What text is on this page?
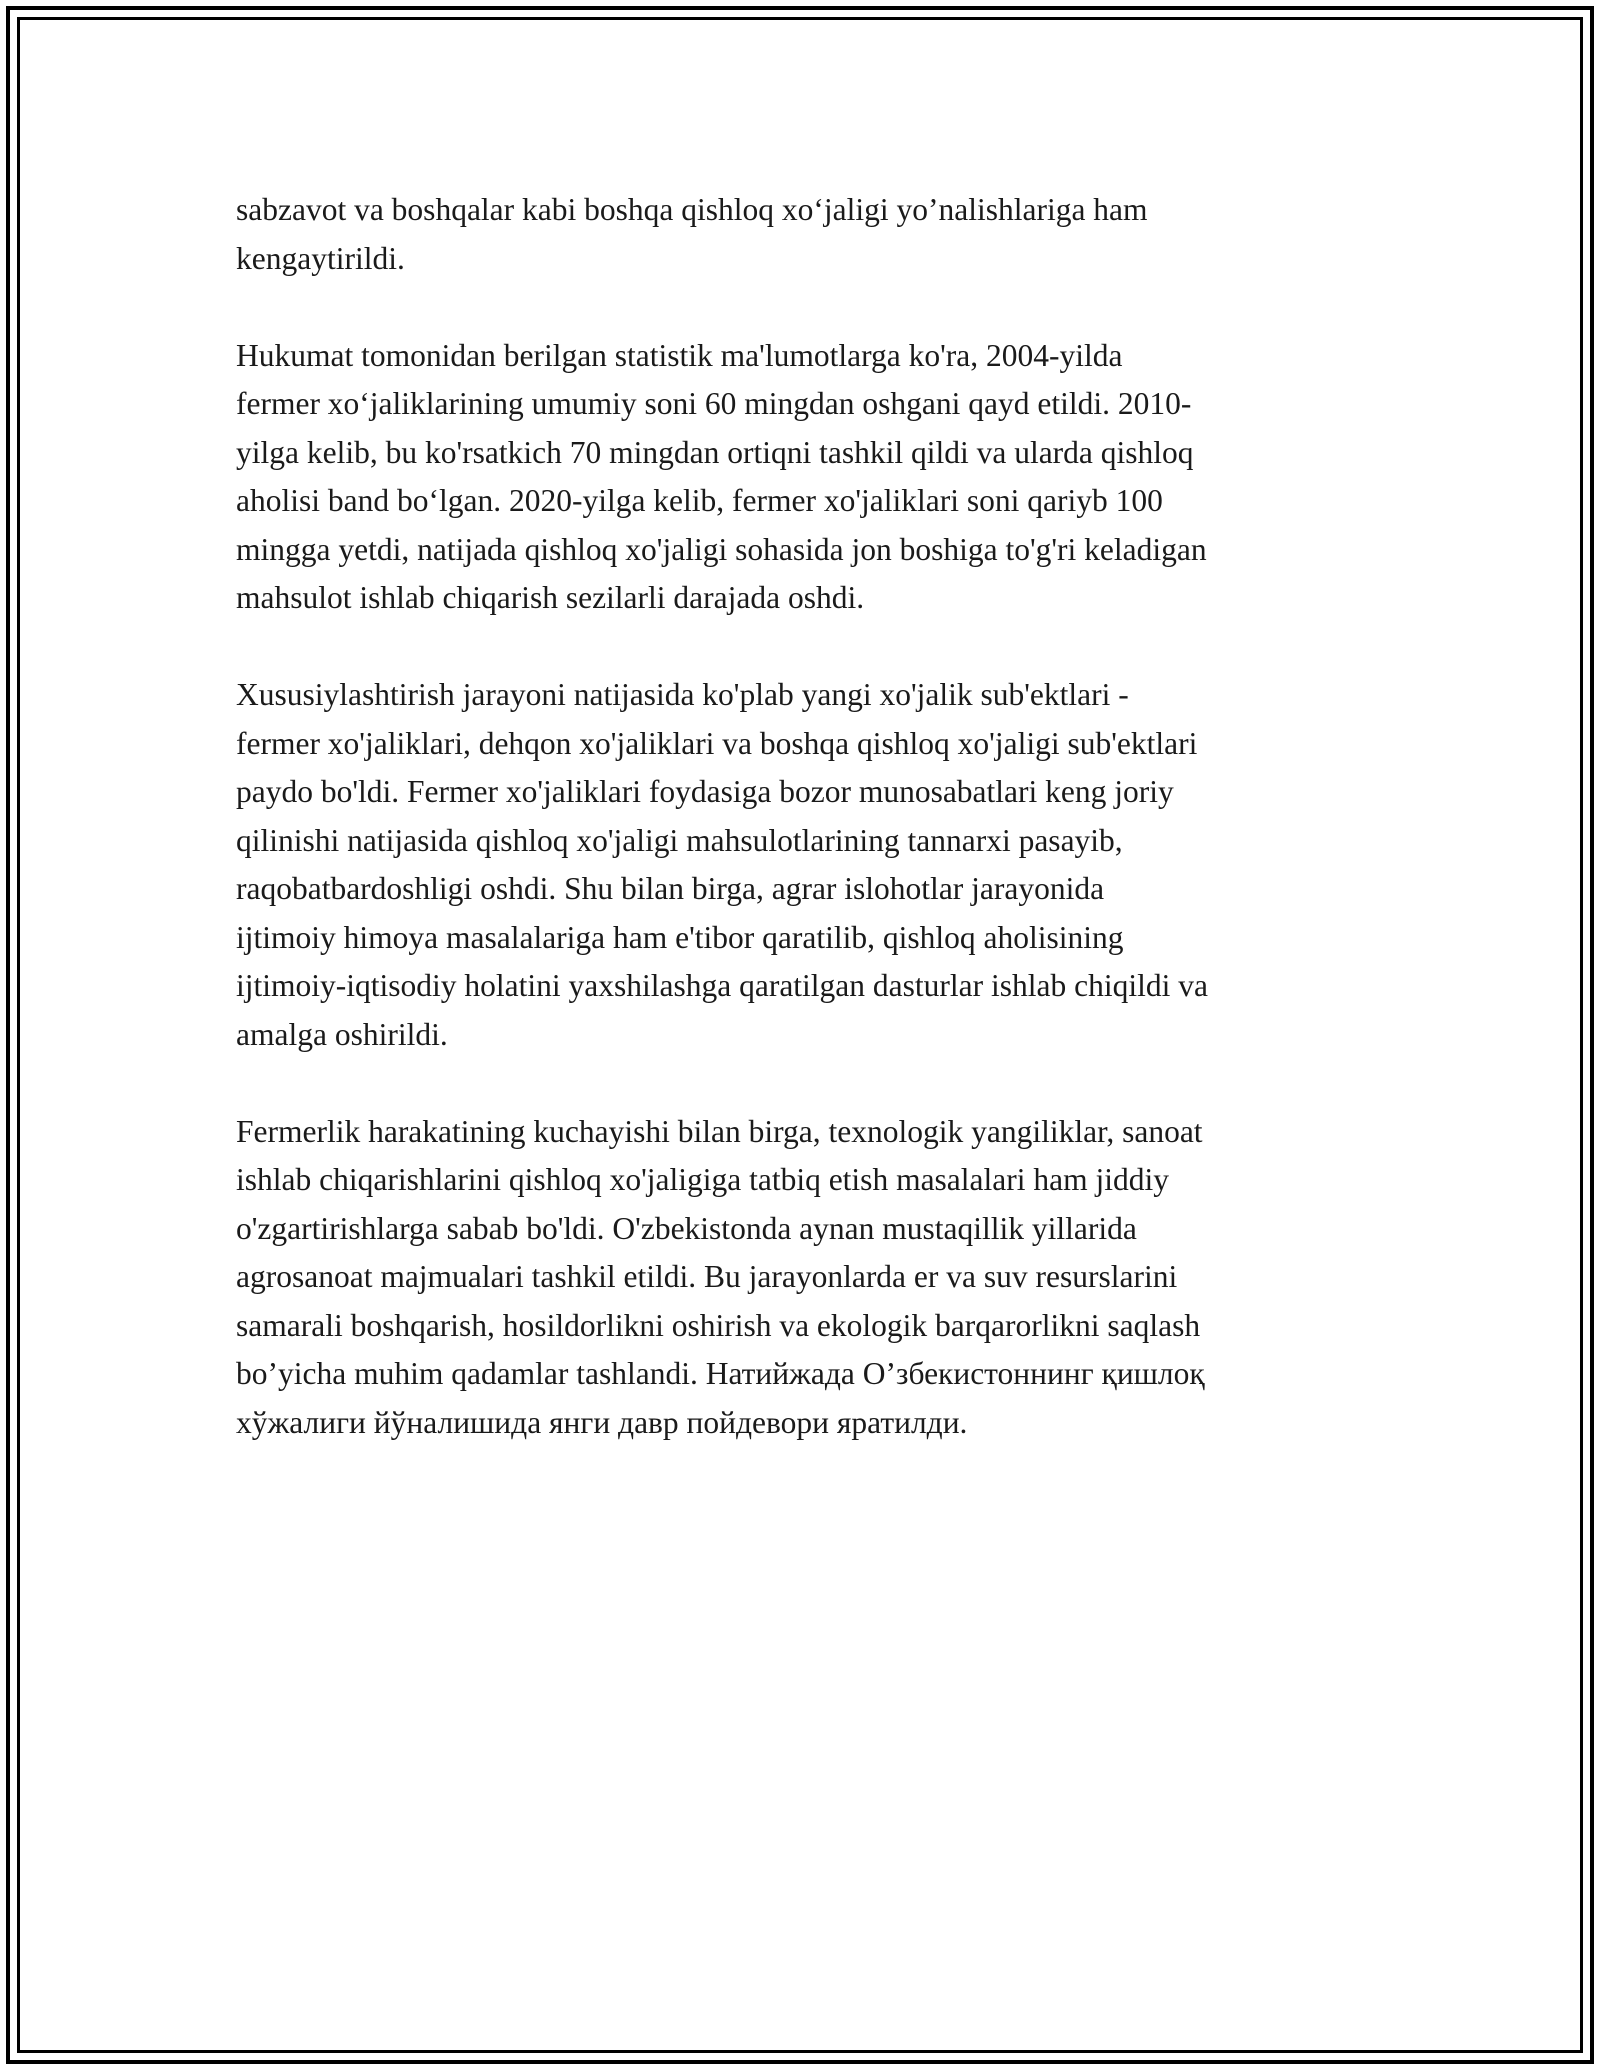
sabzavot va boshqalar kabi boshqa qishloq xoʻjaligi yoʼnalishlariga ham
kengaytirildi.

Hukumat tomonidan berilgan statistik ma'lumotlarga ko'ra, 2004-yilda
fermer xoʻjaliklarining umumiy soni 60 mingdan oshgani qayd etildi. 2010-
yilga kelib, bu ko'rsatkich 70 mingdan ortiqni tashkil qildi va ularda qishloq
aholisi band boʻlgan. 2020-yilga kelib, fermer xo'jaliklari soni qariyb 100
mingga yetdi, natijada qishloq xo'jaligi sohasida jon boshiga to'g'ri keladigan
mahsulot ishlab chiqarish sezilarli darajada oshdi.

Xususiylashtirish jarayoni natijasida ko'plab yangi xo'jalik sub'ektlari -
fermer xo'jaliklari, dehqon xo'jaliklari va boshqa qishloq xo'jaligi sub'ektlari
paydo bo'ldi. Fermer xo'jaliklari foydasiga bozor munosabatlari keng joriy
qilinishi natijasida qishloq xo'jaligi mahsulotlarining tannarxi pasayib,
raqobatbardoshligi oshdi. Shu bilan birga, agrar islohotlar jarayonida
ijtimoiy himoya masalalariga ham e'tibor qaratilib, qishloq aholisining
ijtimoiy-iqtisodiy holatini yaxshilashga qaratilgan dasturlar ishlab chiqildi va
amalga oshirildi.

Fermerlik harakatining kuchayishi bilan birga, texnologik yangiliklar, sanoat
ishlab chiqarishlarini qishloq xo'jaligiga tatbiq etish masalalari ham jiddiy
o'zgartirishlarga sabab bo'ldi. O'zbekistonda aynan mustaqillik yillarida
agrosanoat majmualari tashkil etildi. Bu jarayonlarda er va suv resurslarini
samarali boshqarish, hosildorlikni oshirish va ekologik barqarorlikni saqlash
boʼyicha muhim qadamlar tashlandi. Натийжада Оʼзбекистоннинг қишлоқ
хўжалиги йўналишида янги давр пойдевори яратилди.
